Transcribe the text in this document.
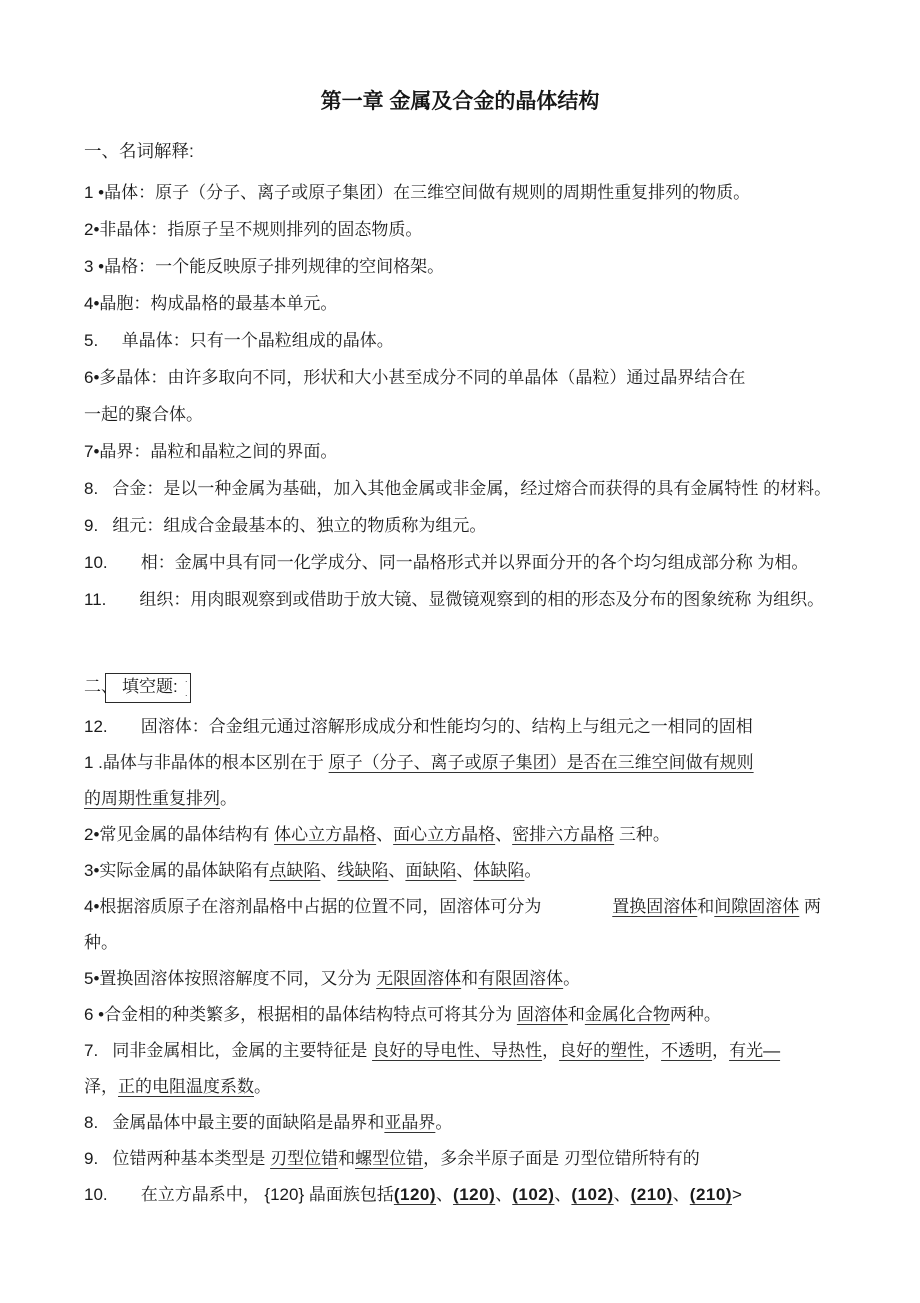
第一章 金属及合金的晶体结构

一、名词解释:

1 •晶体：原子（分子、离子或原子集团）在三维空间做有规则的周期性重复排列的物质。

2•非晶体：指原子呈不规则排列的固态物质。

3 •晶格：一个能反映原子排列规律的空间格架。

4•晶胞：构成晶格的最基本单元。

5.     单晶体：只有一个晶粒组成的晶体。

6•多晶体：由许多取向不同，形状和大小甚至成分不同的单晶体（晶粒）通过晶界结合在

一起的聚合体。

7•晶界：晶粒和晶粒之间的界面。

8.   合金：是以一种金属为基础，加入其他金属或非金属，经过熔合而获得的具有金属特性 的材料。

9.   组元：组成合金最基本的、独立的物质称为组元。

10.       相：金属中具有同一化学成分、同一晶格形式并以界面分开的各个均匀组成部分称 为相。

11.       组织：用肉眼观察到或借助于放大镜、显微镜观察到的相的形态及分布的图象统称 为组织。

二、 填空题: ·
·

12.       固溶体：合金组元通过溶解形成成分和性能均匀的、结构上与组元之一相同的固相

1 .晶体与非晶体的根本区别在于 原子（分子、离子或原子集团）是否在三维空间做有规则

的周期性重复排列。

2•常见金属的晶体结构有 体心立方晶格、面心立方晶格、密排六方晶格 三种。

3•实际金属的晶体缺陷有点缺陷、线缺陷、面缺陷、体缺陷。

4•根据溶质原子在溶剂晶格中占据的位置不同，固溶体可分为               置换固溶体和间隙固溶体 两

种。

5•置换固溶体按照溶解度不同，又分为 无限固溶体和有限固溶体。

6 •合金相的种类繁多，根据相的晶体结构特点可将其分为 固溶体和金属化合物两种。

7.   同非金属相比，金属的主要特征是 良好的导电性、导热性，良好的塑性，不透明，有光—

泽，正的电阻温度系数。

8.   金属晶体中最主要的面缺陷是晶界和亚晶界。

9.   位错两种基本类型是 刃型位错和螺型位错，多余半原子面是 刃型位错所特有的

10.       在立方晶系中， {120} 晶面族包括(120)、(120)、(102)、(102)、(210)、(210)>
